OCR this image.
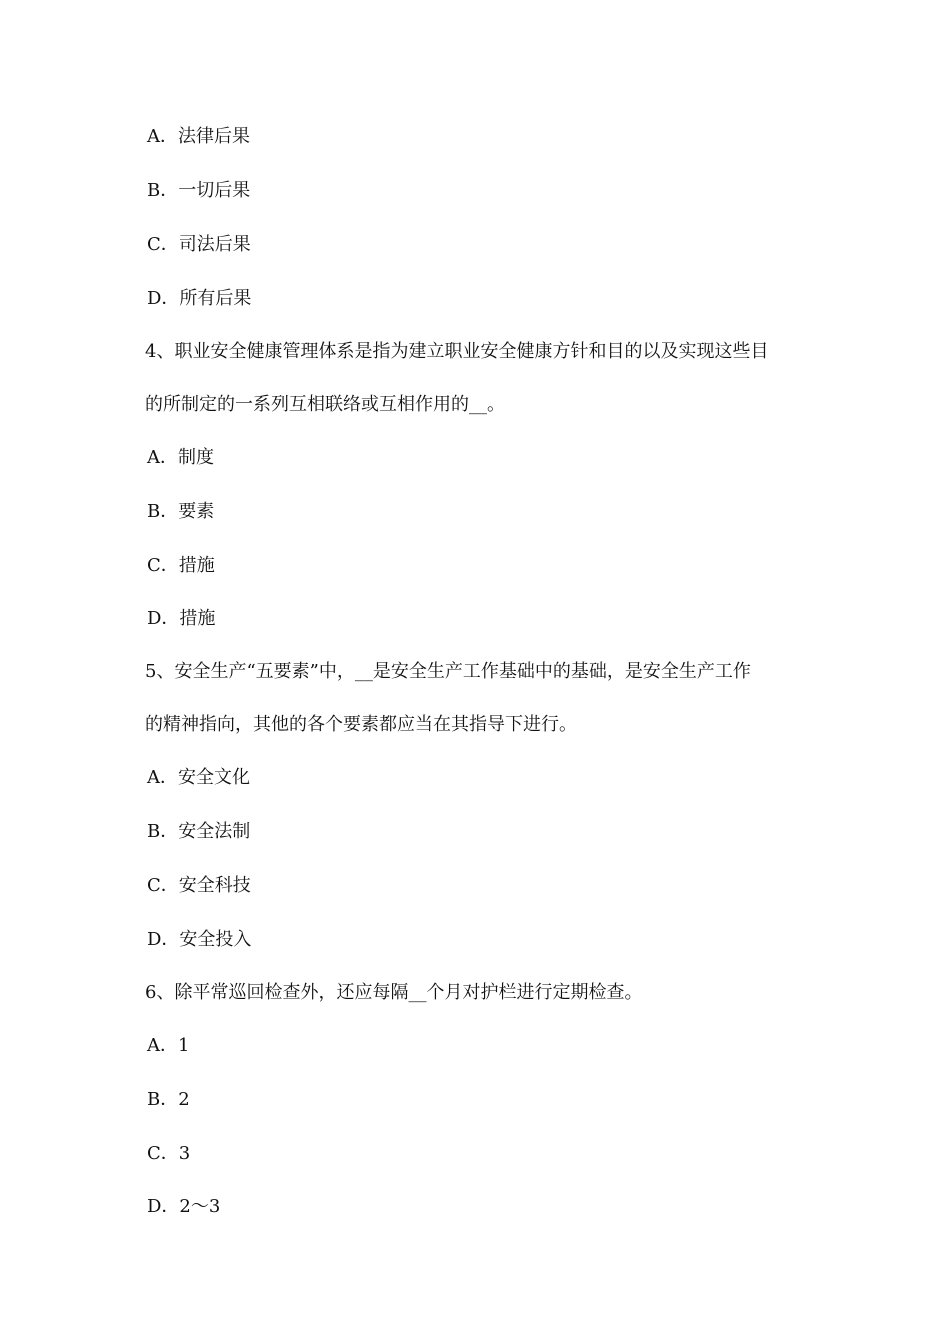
A．法律后果
B．一切后果
C．司法后果
D．所有后果
4、职业安全健康管理体系是指为建立职业安全健康方针和目的以及实现这些目
的所制定的一系列互相联络或互相作用的__。
A．制度
B．要素
C．措施
D．措施
5、安全生产“五要素”中，__是安全生产工作基础中的基础，是安全生产工作
的精神指向，其他的各个要素都应当在其指导下进行。
A．安全文化
B．安全法制
C．安全科技
D．安全投入
6、除平常巡回检查外，还应每隔__个月对护栏进行定期检查。
A．1
B．2
C．3
D．2～3
